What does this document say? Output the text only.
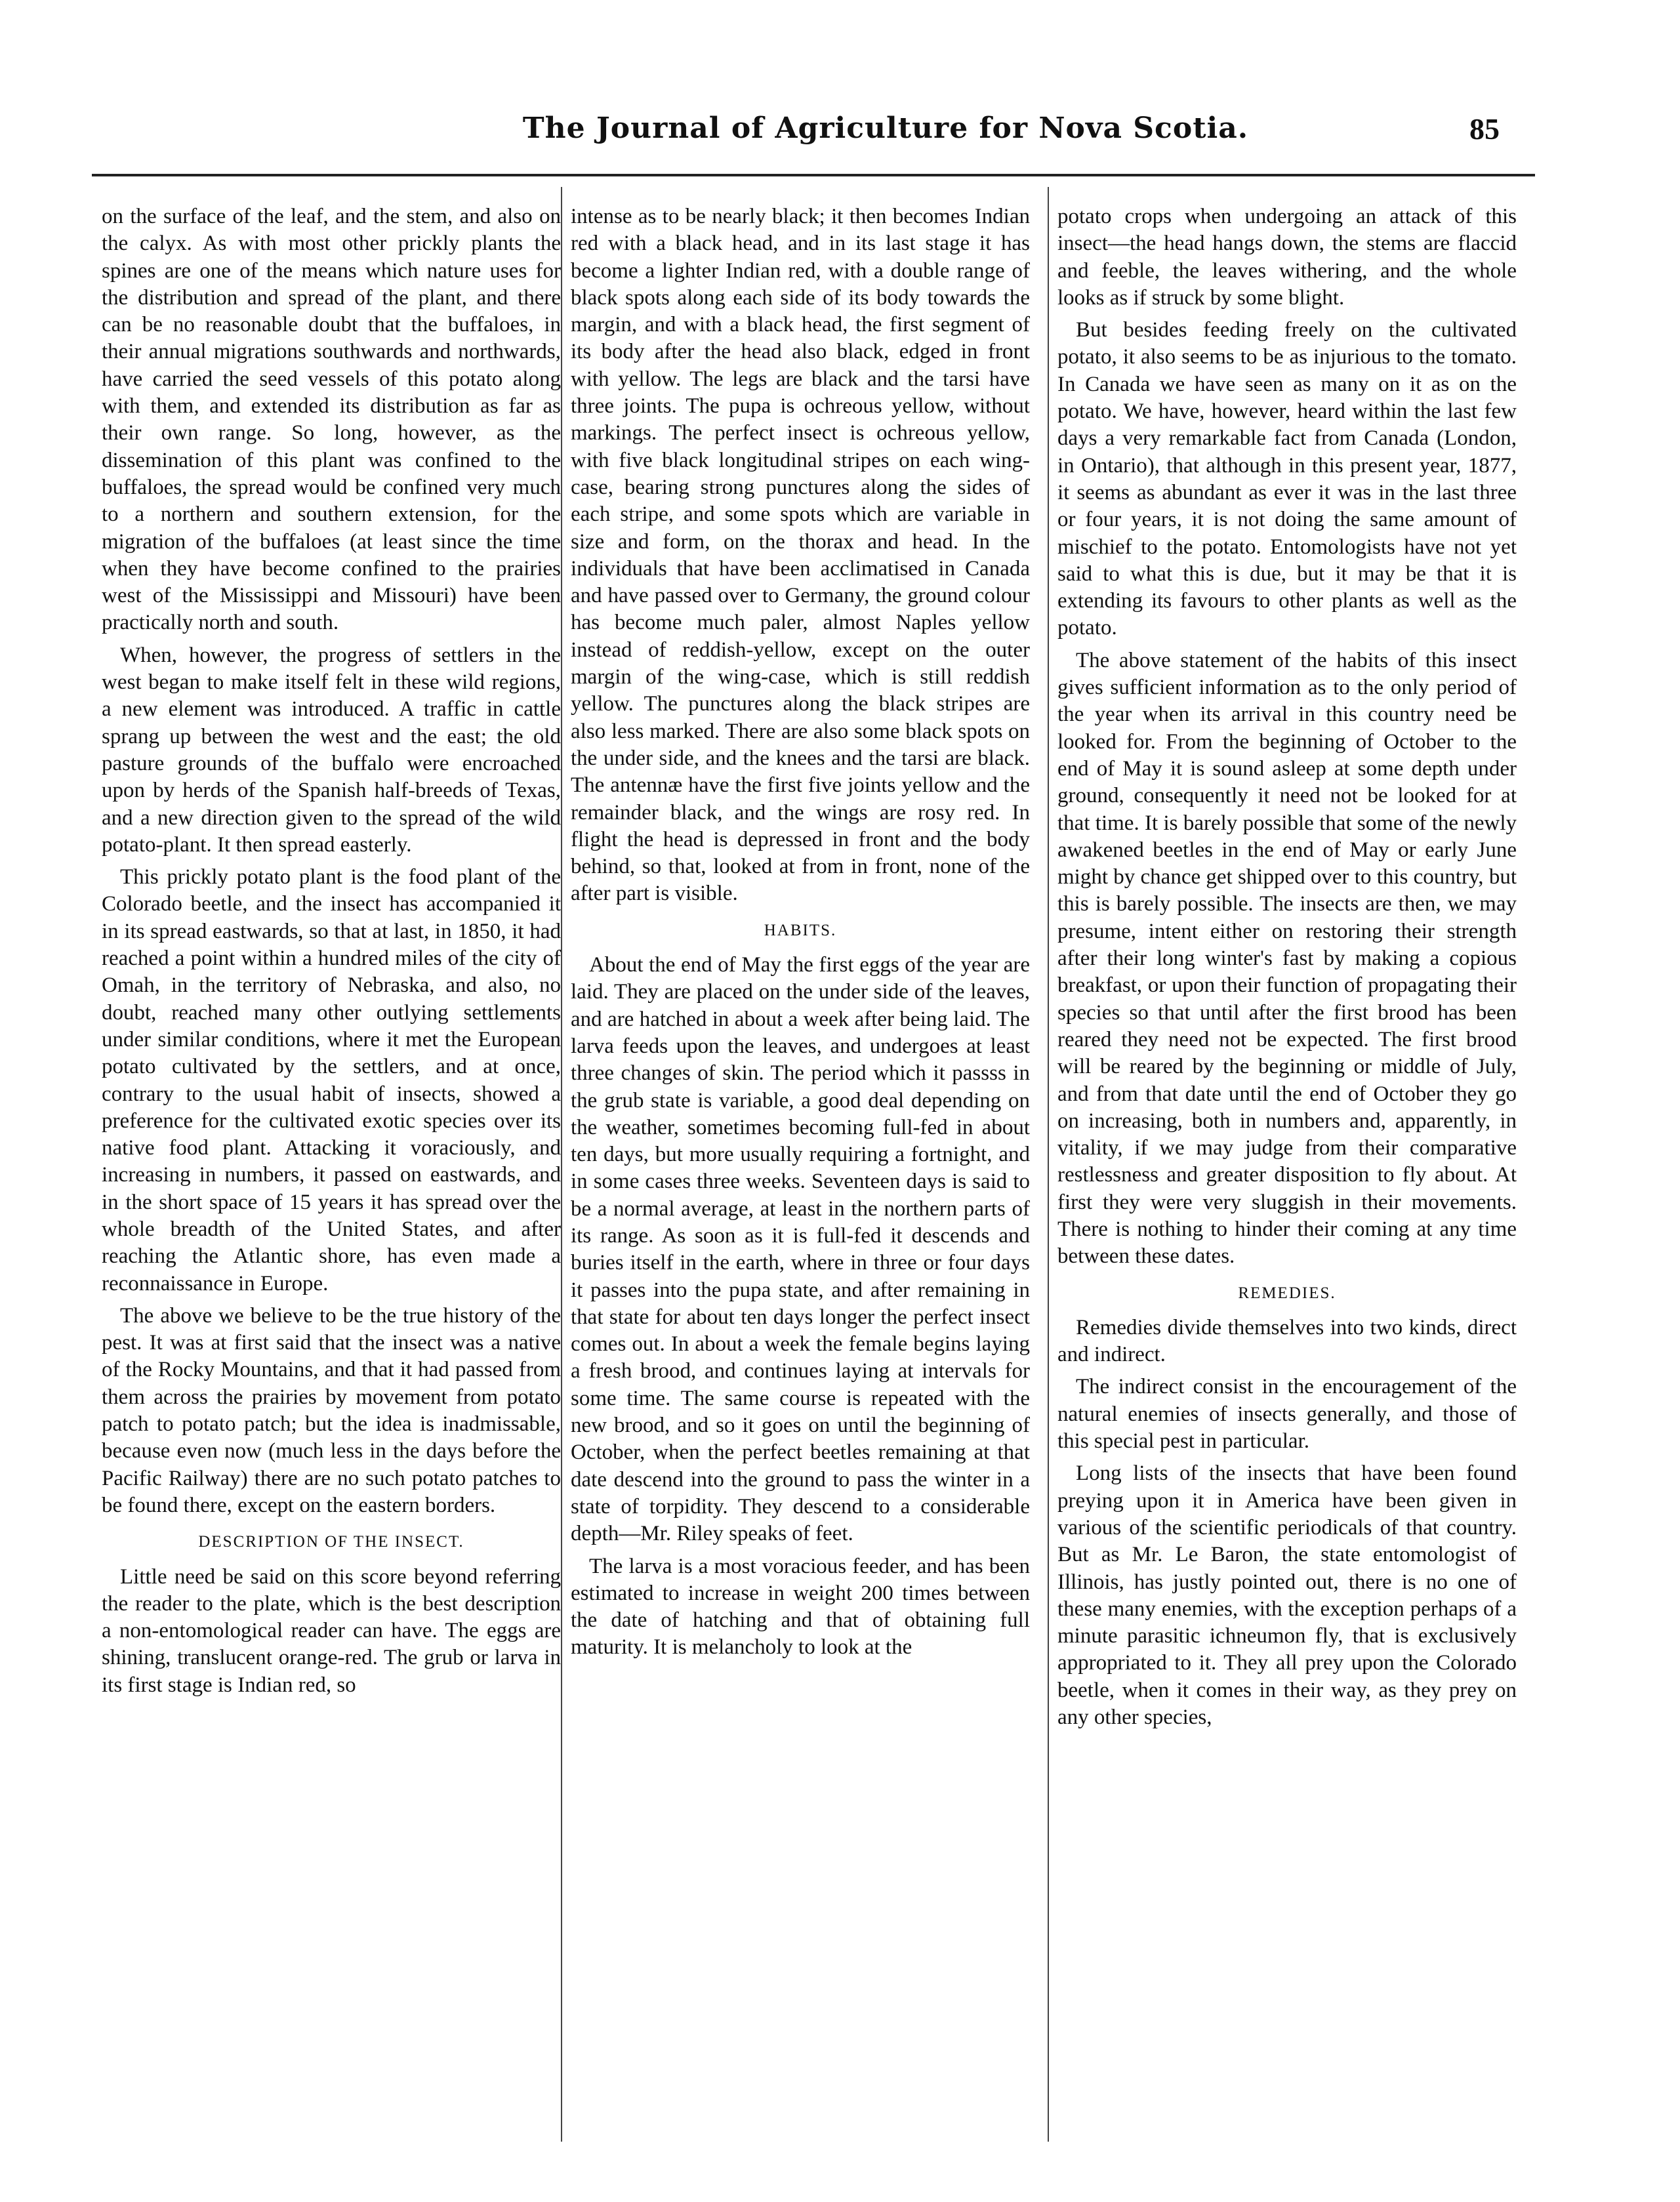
The Journal of Agriculture for Nova Scotia.	85

on the surface of the leaf, and the stem, and also on the calyx. As with most other prickly plants the spines are one of the means which nature uses for the distribution and spread of the plant, and there can be no reasonable doubt that the buffaloes, in their annual migrations southwards and northwards, have carried the seed vessels of this potato along with them, and extended its distribution as far as their own range. So long, however, as the dissemination of this plant was confined to the buffaloes, the spread would be confined very much to a northern and southern extension, for the migration of the buffaloes (at least since the time when they have become confined to the prairies west of the Mississippi and Missouri) have been practically north and south.

When, however, the progress of settlers in the west began to make itself felt in these wild regions, a new element was introduced. A traffic in cattle sprang up between the west and the east; the old pasture grounds of the buffalo were encroached upon by herds of the Spanish half-breeds of Texas, and a new direction given to the spread of the wild potato-plant. It then spread easterly.

This prickly potato plant is the food plant of the Colorado beetle, and the insect has accompanied it in its spread eastwards, so that at last, in 1850, it had reached a point within a hundred miles of the city of Omah, in the territory of Nebraska, and also, no doubt, reached many other outlying settlements under similar conditions, where it met the European potato cultivated by the settlers, and at once, contrary to the usual habit of insects, showed a preference for the cultivated exotic species over its native food plant. Attacking it voraciously, and increasing in numbers, it passed on eastwards, and in the short space of 15 years it has spread over the whole breadth of the United States, and after reaching the Atlantic shore, has even made a reconnaissance in Europe.

The above we believe to be the true history of the pest. It was at first said that the insect was a native of the Rocky Mountains, and that it had passed from them across the prairies by movement from potato patch to potato patch; but the idea is inadmissable, because even now (much less in the days before the Pacific Railway) there are no such potato patches to be found there, except on the eastern borders.

DESCRIPTION OF THE INSECT.

Little need be said on this score beyond referring the reader to the plate, which is the best description a non-entomological reader can have. The eggs are shining, translucent orange-red. The grub or larva in its first stage is Indian red, so

intense as to be nearly black; it then becomes Indian red with a black head, and in its last stage it has become a lighter Indian red, with a double range of black spots along each side of its body towards the margin, and with a black head, the first segment of its body after the head also black, edged in front with yellow. The legs are black and the tarsi have three joints. The pupa is ochreous yellow, without markings. The perfect insect is ochreous yellow, with five black longitudinal stripes on each wing-case, bearing strong punctures along the sides of each stripe, and some spots which are variable in size and form, on the thorax and head. In the individuals that have been acclimatised in Canada and have passed over to Germany, the ground colour has become much paler, almost Naples yellow instead of reddish-yellow, except on the outer margin of the wing-case, which is still reddish yellow. The punctures along the black stripes are also less marked. There are also some black spots on the under side, and the knees and the tarsi are black. The antennæ have the first five joints yellow and the remainder black, and the wings are rosy red. In flight the head is depressed in front and the body behind, so that, looked at from in front, none of the after part is visible.

HABITS.

About the end of May the first eggs of the year are laid. They are placed on the under side of the leaves, and are hatched in about a week after being laid. The larva feeds upon the leaves, and undergoes at least three changes of skin. The period which it passss in the grub state is variable, a good deal depending on the weather, sometimes becoming full-fed in about ten days, but more usually requiring a fortnight, and in some cases three weeks. Seventeen days is said to be a normal average, at least in the northern parts of its range. As soon as it is full-fed it descends and buries itself in the earth, where in three or four days it passes into the pupa state, and after remaining in that state for about ten days longer the perfect insect comes out. In about a week the female begins laying a fresh brood, and continues laying at intervals for some time. The same course is repeated with the new brood, and so it goes on until the beginning of October, when the perfect beetles remaining at that date descend into the ground to pass the winter in a state of torpidity. They descend to a considerable depth—Mr. Riley speaks of feet.

The larva is a most voracious feeder, and has been estimated to increase in weight 200 times between the date of hatching and that of obtaining full maturity. It is melancholy to look at the

potato crops when undergoing an attack of this insect—the head hangs down, the stems are flaccid and feeble, the leaves withering, and the whole looks as if struck by some blight.

But besides feeding freely on the cultivated potato, it also seems to be as injurious to the tomato. In Canada we have seen as many on it as on the potato. We have, however, heard within the last few days a very remarkable fact from Canada (London, in Ontario), that although in this present year, 1877, it seems as abundant as ever it was in the last three or four years, it is not doing the same amount of mischief to the potato. Entomologists have not yet said to what this is due, but it may be that it is extending its favours to other plants as well as the potato.

The above statement of the habits of this insect gives sufficient information as to the only period of the year when its arrival in this country need be looked for. From the beginning of October to the end of May it is sound asleep at some depth under ground, consequently it need not be looked for at that time. It is barely possible that some of the newly awakened beetles in the end of May or early June might by chance get shipped over to this country, but this is barely possible. The insects are then, we may presume, intent either on restoring their strength after their long winter's fast by making a copious breakfast, or upon their function of propagating their species so that until after the first brood has been reared they need not be expected. The first brood will be reared by the beginning or middle of July, and from that date until the end of October they go on increasing, both in numbers and, apparently, in vitality, if we may judge from their comparative restlessness and greater disposition to fly about. At first they were very sluggish in their movements. There is nothing to hinder their coming at any time between these dates.

REMEDIES.

Remedies divide themselves into two kinds, direct and indirect.

The indirect consist in the encouragement of the natural enemies of insects generally, and those of this special pest in particular.

Long lists of the insects that have been found preying upon it in America have been given in various of the scientific periodicals of that country. But as Mr. Le Baron, the state entomologist of Illinois, has justly pointed out, there is no one of these many enemies, with the exception perhaps of a minute parasitic ichneumon fly, that is exclusively appropriated to it. They all prey upon the Colorado beetle, when it comes in their way, as they prey on any other species,
